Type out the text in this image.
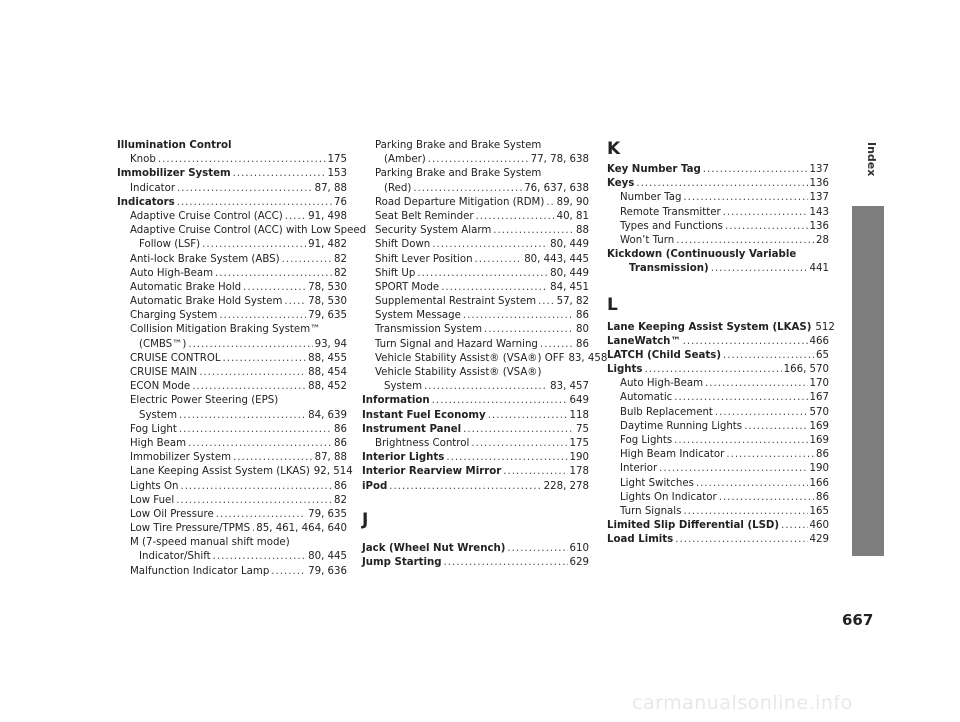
Illumination Control
Knob .....	175
Immobilizer System .....	153
Indicator .....	87, 88
Indicators .....	76
Adaptive Cruise Control (ACC) ..... 91, 498
Adaptive Cruise Control (ACC) with Low Speed
Follow (LSF) .....	91, 482
Anti-lock Brake System (ABS) .....	82
Auto High-Beam .....	82
Automatic Brake Hold .....	78, 530
Automatic Brake Hold System .....	78, 530
Charging System .....	79, 635
Collision Mitigation Braking System™
(CMBS™) .....	93, 94
CRUISE CONTROL .....	88, 455
CRUISE MAIN .....	88, 454
ECON Mode .....	88, 452
Electric Power Steering (EPS)
System .....	84, 639
Fog Light .....	86
High Beam .....	86
Immobilizer System .....	87, 88
Lane Keeping Assist System (LKAS) 92, 514
Lights On .....	86
Low Fuel .....	82
Low Oil Pressure .....	79, 635
Low Tire Pressure/TPMS ..... 85, 461, 464, 640
M (7-speed manual shift mode)
Indicator/Shift .....	80, 445
Malfunction Indicator Lamp .....	79, 636
Parking Brake and Brake System
(Amber) .....	77, 78, 638
Parking Brake and Brake System
(Red) .....	76, 637, 638
Road Departure Mitigation (RDM) ..... 89, 90
Seat Belt Reminder .....	40, 81
Security System Alarm .....	88
Shift Down .....	80, 449
Shift Lever Position .....	80, 443, 445
Shift Up .....	80, 449
SPORT Mode .....	84, 451
Supplemental Restraint System ..... 57, 82
System Message .....	86
Transmission System .....	80
Turn Signal and Hazard Warning .....	86
Vehicle Stability Assist® (VSA®) OFF 83, 458
Vehicle Stability Assist® (VSA®)
System .....	83, 457
Information .....	649
Instant Fuel Economy .....	118
Instrument Panel .....	75
Brightness Control .....	175
Interior Lights .....	190
Interior Rearview Mirror .....	178
iPod .....	228, 278
J
Jack (Wheel Nut Wrench) .....	610
Jump Starting .....	629
K
Key Number Tag .....	137
Keys .....	136
Number Tag .....	137
Remote Transmitter .....	143
Types and Functions .....	136
Won’t Turn .....	28
Kickdown (Continuously Variable
Transmission) .....	441
L
Lane Keeping Assist System (LKAS) 512
LaneWatch™ .....	466
LATCH (Child Seats) .....	65
Lights .....	166, 570
Auto High-Beam .....	170
Automatic .....	167
Bulb Replacement .....	570
Daytime Running Lights .....	169
Fog Lights .....	169
High Beam Indicator .....	86
Interior .....	190
Light Switches .....	166
Lights On Indicator .....	86
Turn Signals .....	165
Limited Slip Differential (LSD) .....	460
Load Limits .....	429
Index
667
carmanualsonline.info
